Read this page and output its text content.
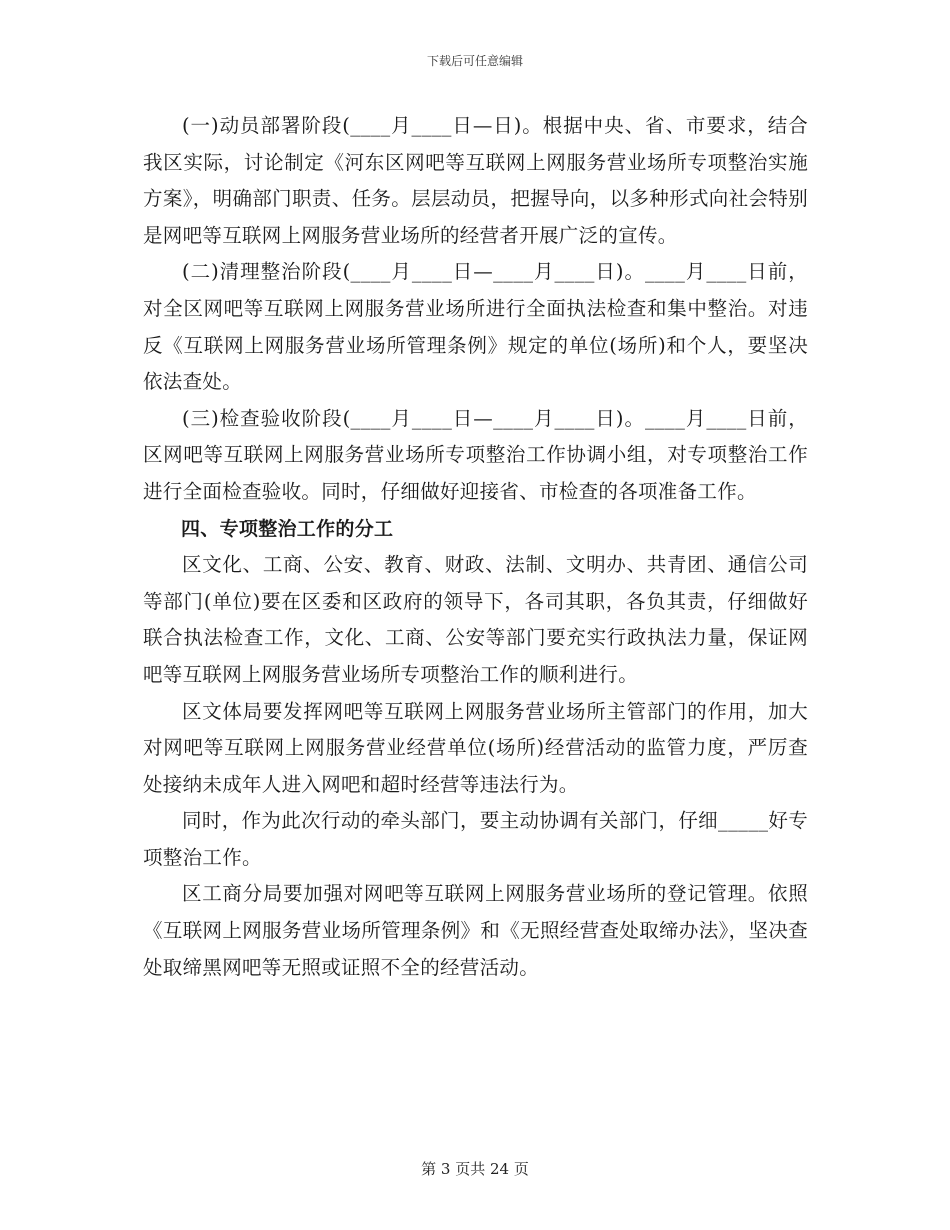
下载后可任意编辑

(一)动员部署阶段(____月____日—日)。根据中央、省、市要求，结合我区实际，讨论制定《河东区网吧等互联网上网服务营业场所专项整治实施方案》，明确部门职责、任务。层层动员，把握导向，以多种形式向社会特别是网吧等互联网上网服务营业场所的经营者开展广泛的宣传。

(二)清理整治阶段(____月____日—____月____日)。____月____日前，对全区网吧等互联网上网服务营业场所进行全面执法检查和集中整治。对违反《互联网上网服务营业场所管理条例》规定的单位(场所)和个人，要坚决依法查处。

(三)检查验收阶段(____月____日—____月____日)。____月____日前，区网吧等互联网上网服务营业场所专项整治工作协调小组，对专项整治工作进行全面检查验收。同时，仔细做好迎接省、市检查的各项准备工作。

四、专项整治工作的分工

区文化、工商、公安、教育、财政、法制、文明办、共青团、通信公司等部门(单位)要在区委和区政府的领导下，各司其职，各负其责，仔细做好联合执法检查工作，文化、工商、公安等部门要充实行政执法力量，保证网吧等互联网上网服务营业场所专项整治工作的顺利进行。

区文体局要发挥网吧等互联网上网服务营业场所主管部门的作用，加大对网吧等互联网上网服务营业经营单位(场所)经营活动的监管力度，严厉查处接纳未成年人进入网吧和超时经营等违法行为。

同时，作为此次行动的牵头部门，要主动协调有关部门，仔细_____好专项整治工作。

区工商分局要加强对网吧等互联网上网服务营业场所的登记管理。依照《互联网上网服务营业场所管理条例》和《无照经营查处取缔办法》，坚决查处取缔黑网吧等无照或证照不全的经营活动。

第 3 页共 24 页
